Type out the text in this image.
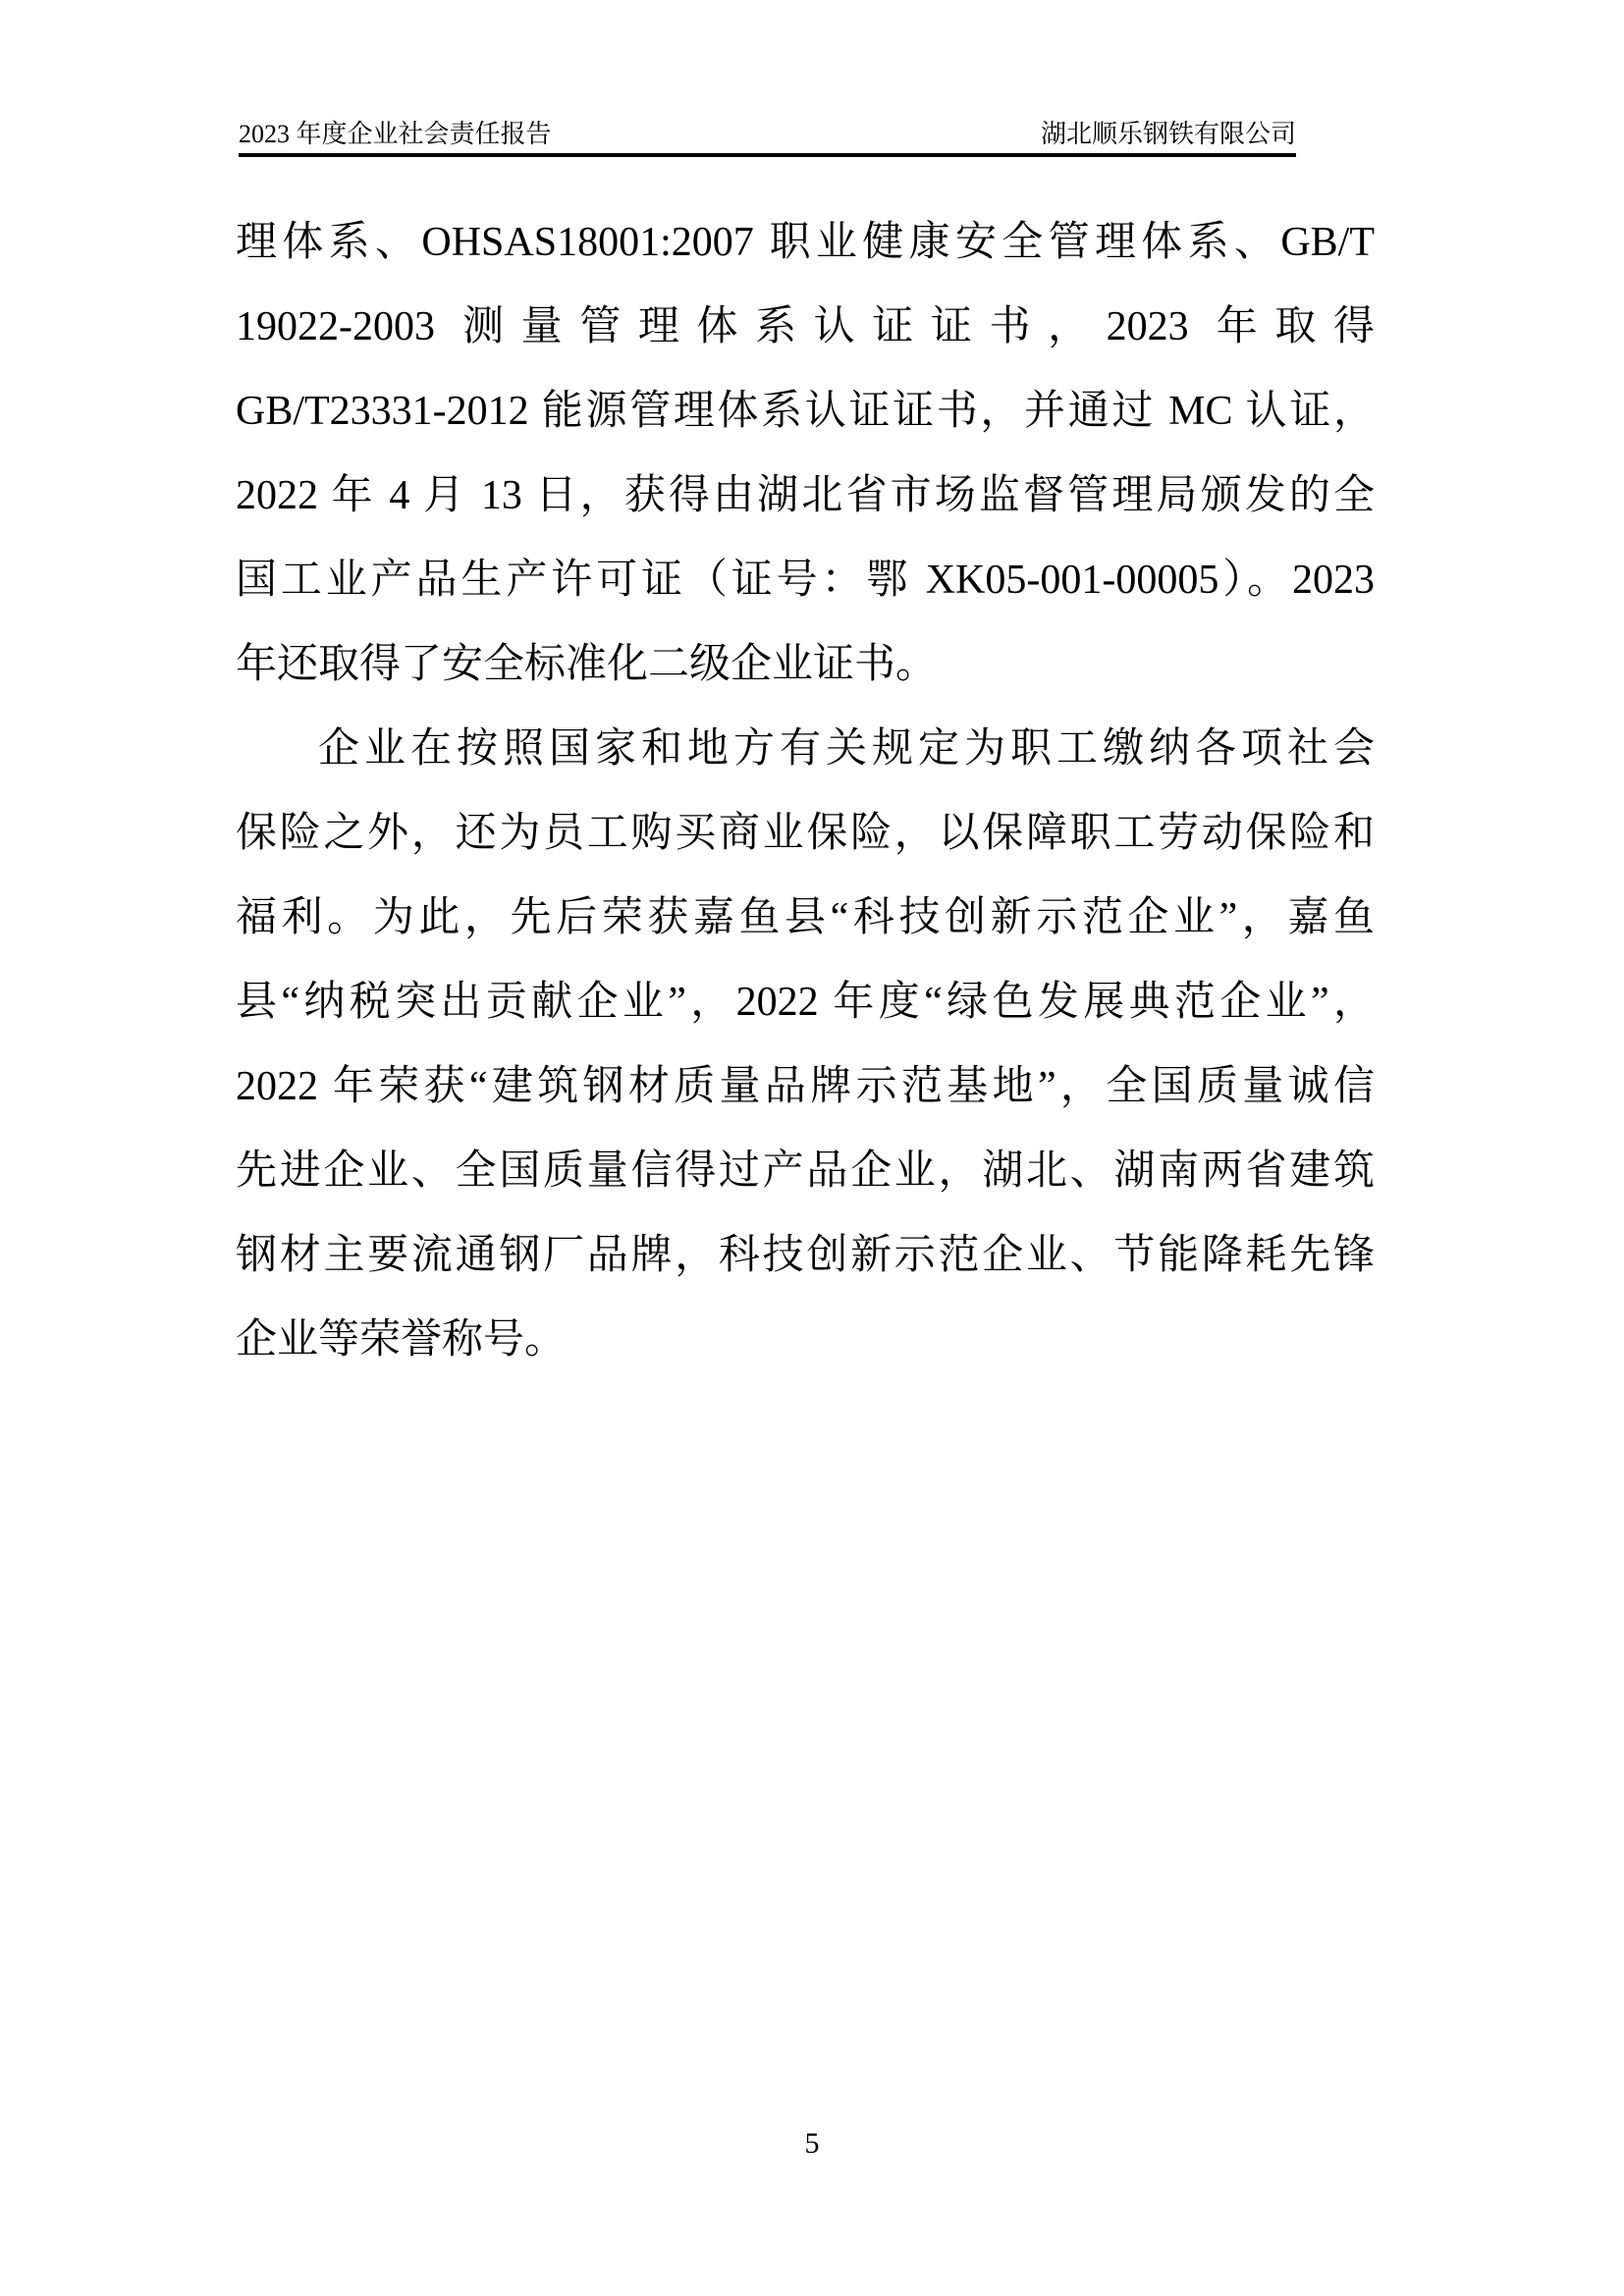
2023 年度企业社会责任报告	湖北顺乐钢铁有限公司
理体系、OHSAS18001:2007 职业健康安全管理体系、GB/T
19022-2003 测量管理体系认证证书，2023 年取得
GB/T23331-2012 能源管理体系认证证书，并通过 MC 认证，
2022 年 4 月 13 日，获得由湖北省市场监督管理局颁发的全
国工业产品生产许可证（证号：鄂 XK05-001-00005）。2023
年还取得了安全标准化二级企业证书。
企业在按照国家和地方有关规定为职工缴纳各项社会
保险之外，还为员工购买商业保险，以保障职工劳动保险和
福利。为此，先后荣获嘉鱼县“科技创新示范企业”，嘉鱼
县“纳税突出贡献企业”，2022 年度“绿色发展典范企业”，
2022 年荣获“建筑钢材质量品牌示范基地”，全国质量诚信
先进企业、全国质量信得过产品企业，湖北、湖南两省建筑
钢材主要流通钢厂品牌，科技创新示范企业、节能降耗先锋
企业等荣誉称号。
5
